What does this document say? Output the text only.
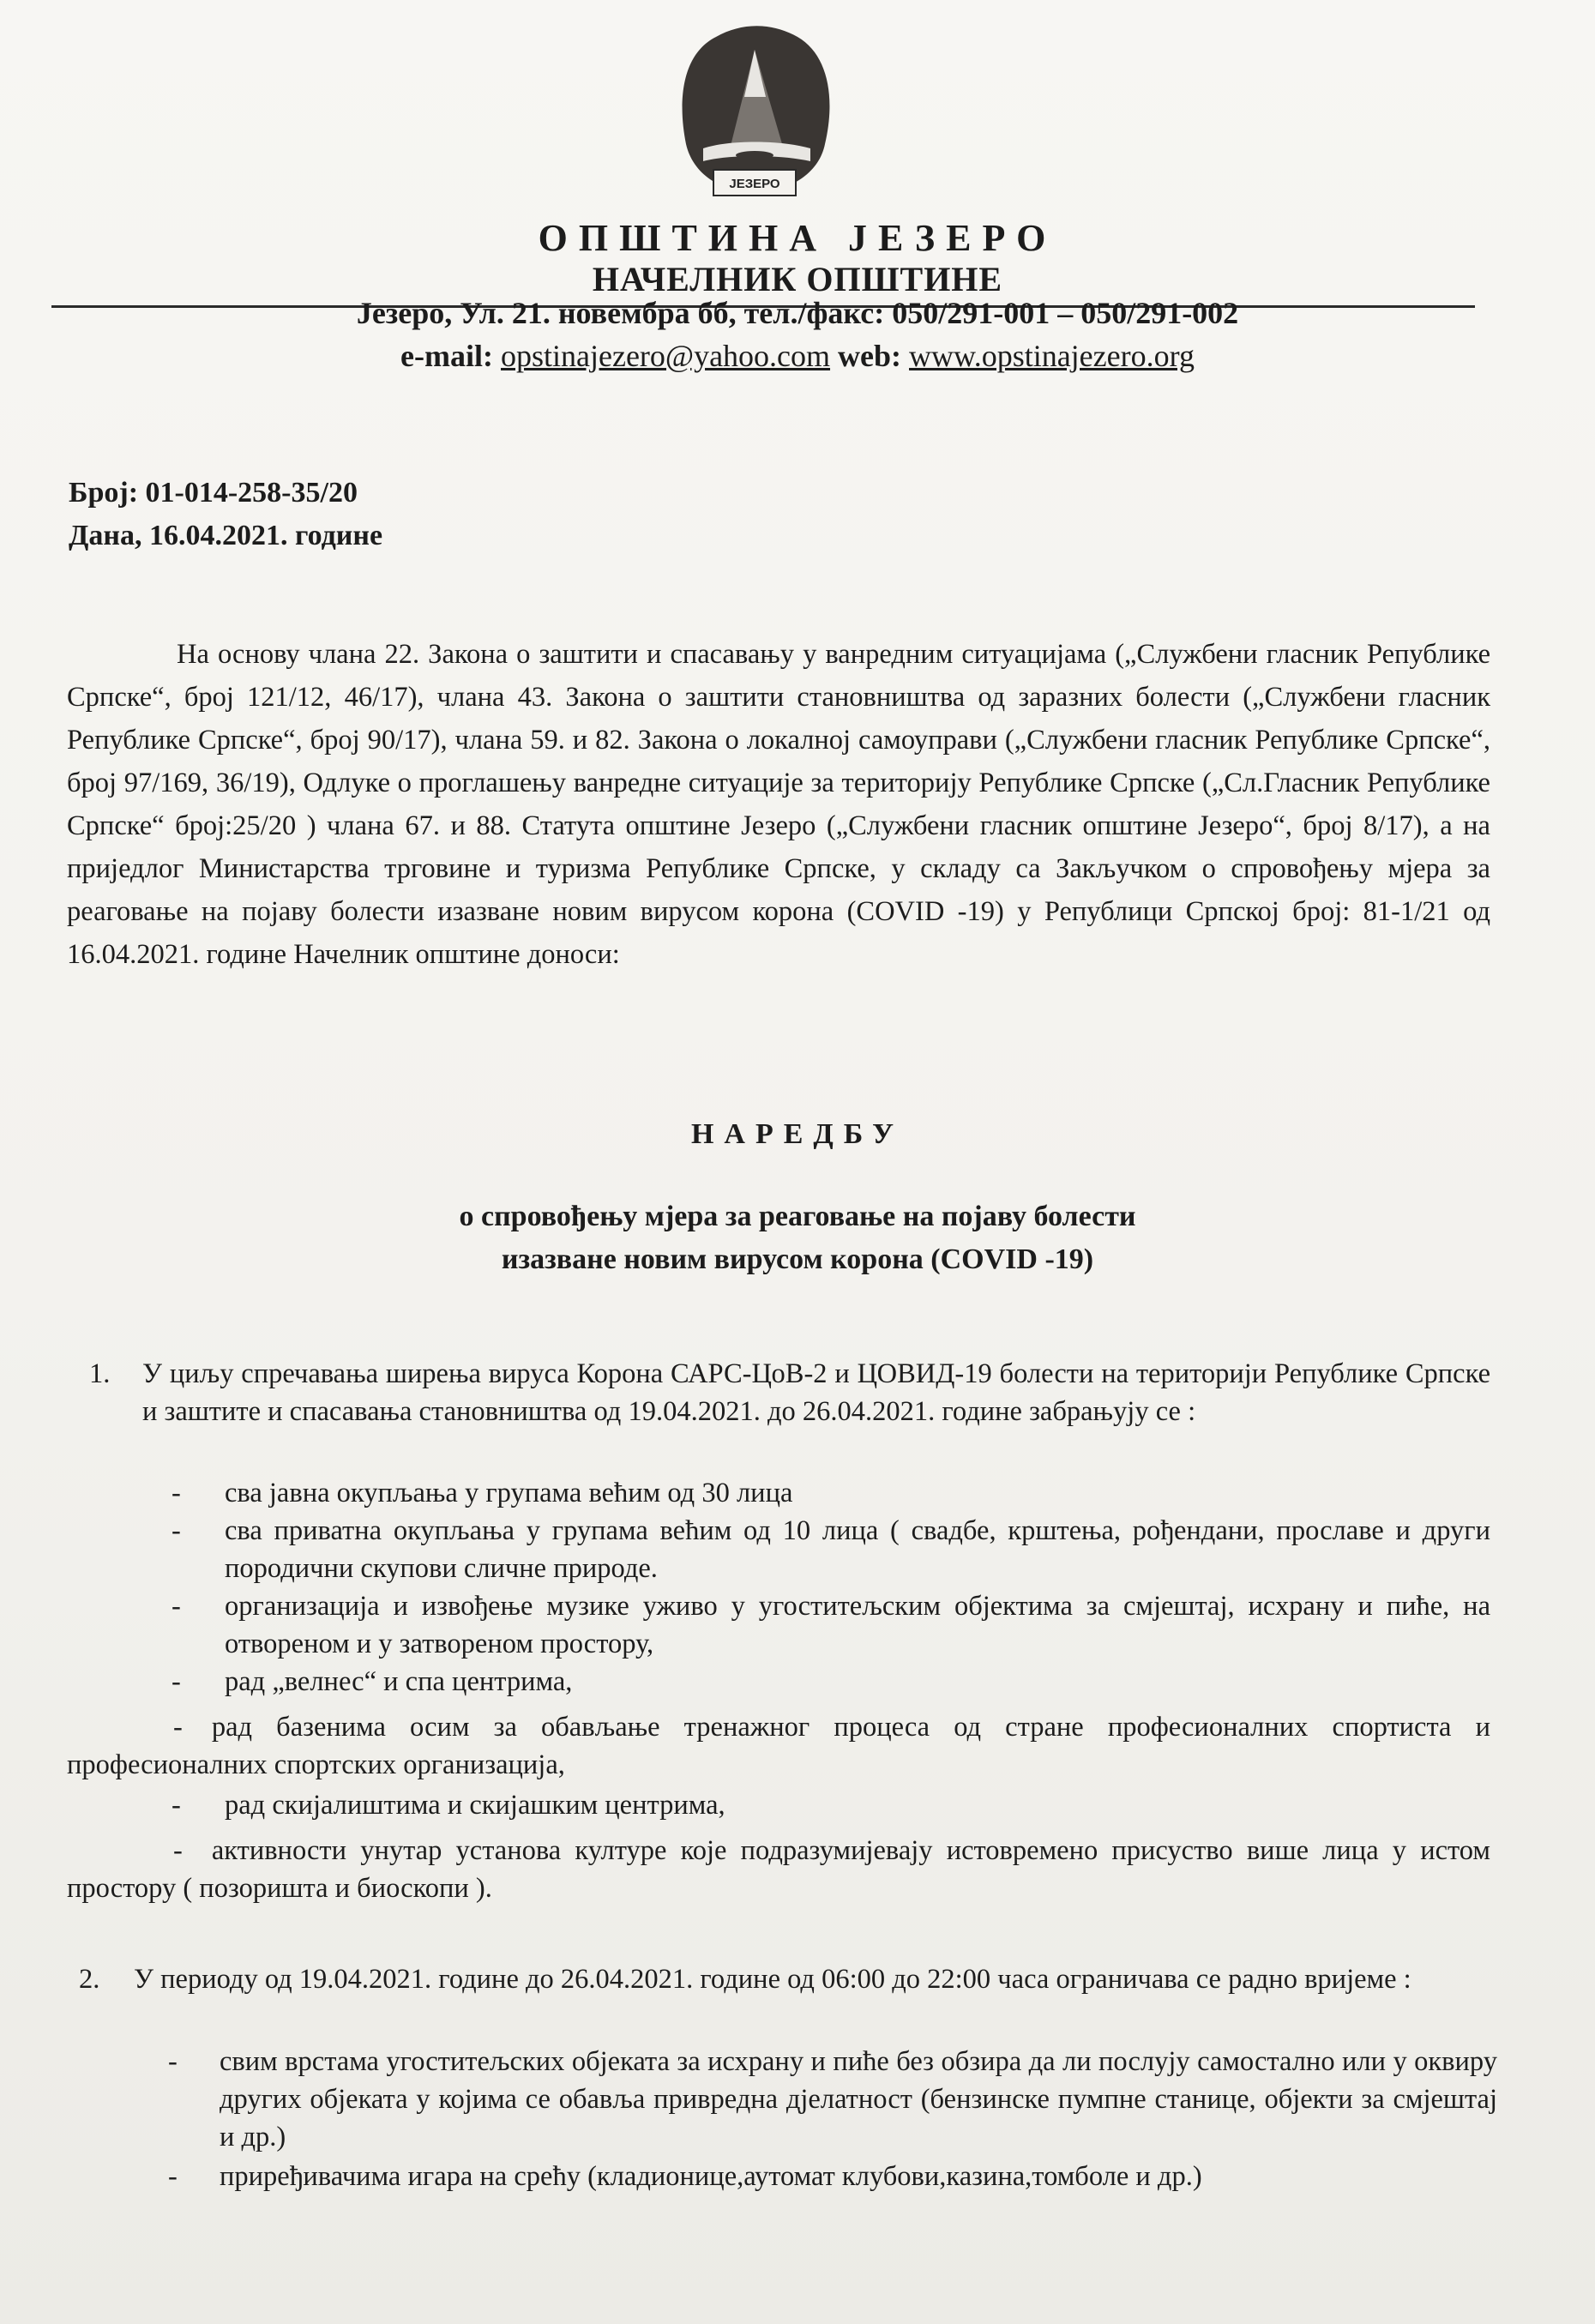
ЈЕЗЕРО
ОПШТИНА ЈЕЗЕРО
НАЧЕЛНИК ОПШТИНЕ
Језеро, Ул. 21. новембра бб, тел./факс: 050/291-001 – 050/291-002
e-mail: opstinajezero@yahoo.com web: www.opstinajezero.org
Број: 01-014-258-35/20
Дана, 16.04.2021. године
На основу члана 22. Закона о заштити и спасавању у ванредним ситуацијама („Службени гласник Републике Српске“, број 121/12, 46/17), члана 43. Закона о заштити становништва од заразних болести („Службени гласник Републике Српске“, број 90/17), члана 59. и 82. Закона о локалној самоуправи („Службени гласник Републике Српске“, број 97/169, 36/19), Одлуке о проглашењу ванредне ситуације за територију Републике Српске („Сл.Гласник Републике Српске“ број:25/20 ) члана 67. и 88. Статута општине Језеро („Службени гласник општине Језеро“, број 8/17), а на приједлог Министарства трговине и туризма Републике Српске, у складу са Закључком о спровођењу мјера за реаговање на појаву болести изазване новим вирусом корона (COVID -19) у Републици Српској број: 81-1/21 од 16.04.2021. године Начелник општине доноси:
НАРЕДБУ
о спровођењу мјера за реаговање на појаву болести
изазване новим вирусом корона (COVID -19)
1. У циљу спречавања ширења вируса Корона САРС-ЦоВ-2 и ЦОВИД-19 болести на територији Републике Српске и заштите и спасавања становништва од 19.04.2021. до 26.04.2021. године забрањују се :
- сва јавна окупљања у групама већим од 30 лица
- сва приватна окупљања у групама већим од 10 лица ( свадбе, крштења, рођендани, прославе и други породични скупови сличне природе.
- организација и извођење музике уживо у угоститељским објектима за смјештај, исхрану и пиће, на отвореном и у затвореном простору,
- рад „велнес“ и спа центрима,
- рад базенима осим за обављање тренажног процеса од стране професионалних спортиста и професионалних спортских организација,
- рад скијалиштима и скијашким центрима,
- активности унутар установа културе које подразумијевају истовремено присуство више лица у истом простору ( позоришта и биоскопи ).
2. У периоду од 19.04.2021. године до 26.04.2021. године од 06:00 до 22:00 часа ограничава се радно вријеме :
- свим врстама угоститељских објеката за исхрану и пиће без обзира да ли послују самостално или у оквиру других објеката у којима се обавља привредна дјелатност (бензинске пумпне станице, објекти за смјештај и др.)
- приређивачима игара на срећу (кладионице,аутомат клубови,казина,томболе и др.)
